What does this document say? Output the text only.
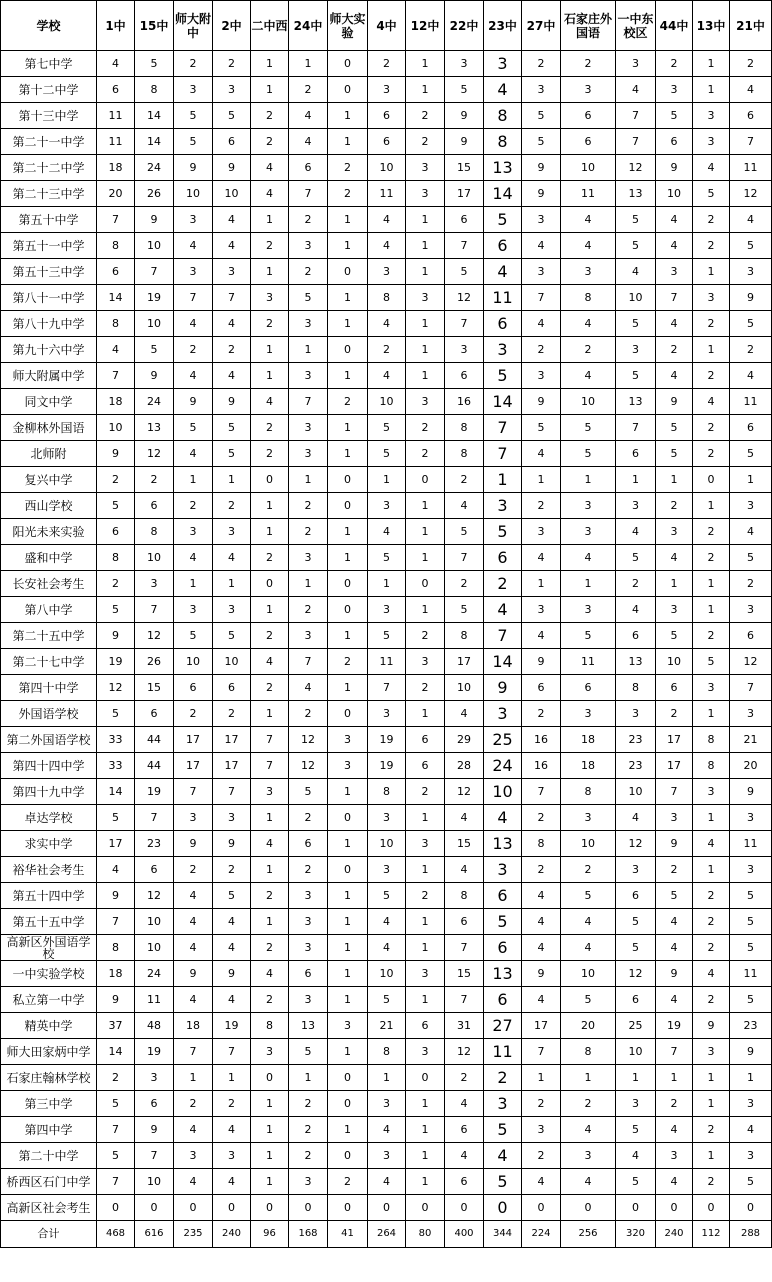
学校	1中	15中	师大附中	2中	二中西	24中	师大实验	4中	12中	22中	23中	27中	石家庄外国语	一中东校区	44中	13中	21中
第七中学	4	5	2	2	1	1	0	2	1	3	3	2	2	3	2	1	2
第十二中学	6	8	3	3	1	2	0	3	1	5	4	3	3	4	3	1	4
第十三中学	11	14	5	5	2	4	1	6	2	9	8	5	6	7	5	3	6
第二十一中学	11	14	5	6	2	4	1	6	2	9	8	5	6	7	6	3	7
第二十二中学	18	24	9	9	4	6	2	10	3	15	13	9	10	12	9	4	11
第二十三中学	20	26	10	10	4	7	2	11	3	17	14	9	11	13	10	5	12
第五十中学	7	9	3	4	1	2	1	4	1	6	5	3	4	5	4	2	4
第五十一中学	8	10	4	4	2	3	1	4	1	7	6	4	4	5	4	2	5
第五十三中学	6	7	3	3	1	2	0	3	1	5	4	3	3	4	3	1	3
第八十一中学	14	19	7	7	3	5	1	8	3	12	11	7	8	10	7	3	9
第八十九中学	8	10	4	4	2	3	1	4	1	7	6	4	4	5	4	2	5
第九十六中学	4	5	2	2	1	1	0	2	1	3	3	2	2	3	2	1	2
师大附属中学	7	9	4	4	1	3	1	4	1	6	5	3	4	5	4	2	4
同文中学	18	24	9	9	4	7	2	10	3	16	14	9	10	13	9	4	11
金柳林外国语	10	13	5	5	2	3	1	5	2	8	7	5	5	7	5	2	6
北师附	9	12	4	5	2	3	1	5	2	8	7	4	5	6	5	2	5
复兴中学	2	2	1	1	0	1	0	1	0	2	1	1	1	1	1	0	1
西山学校	5	6	2	2	1	2	0	3	1	4	3	2	3	3	2	1	3
阳光未来实验	6	8	3	3	1	2	1	4	1	5	5	3	3	4	3	2	4
盛和中学	8	10	4	4	2	3	1	5	1	7	6	4	4	5	4	2	5
长安社会考生	2	3	1	1	0	1	0	1	0	2	2	1	1	2	1	1	2
第八中学	5	7	3	3	1	2	0	3	1	5	4	3	3	4	3	1	3
第二十五中学	9	12	5	5	2	3	1	5	2	8	7	4	5	6	5	2	6
第二十七中学	19	26	10	10	4	7	2	11	3	17	14	9	11	13	10	5	12
第四十中学	12	15	6	6	2	4	1	7	2	10	9	6	6	8	6	3	7
外国语学校	5	6	2	2	1	2	0	3	1	4	3	2	3	3	2	1	3
第二外国语学校	33	44	17	17	7	12	3	19	6	29	25	16	18	23	17	8	21
第四十四中学	33	44	17	17	7	12	3	19	6	28	24	16	18	23	17	8	20
第四十九中学	14	19	7	7	3	5	1	8	2	12	10	7	8	10	7	3	9
卓达学校	5	7	3	3	1	2	0	3	1	4	4	2	3	4	3	1	3
求实中学	17	23	9	9	4	6	1	10	3	15	13	8	10	12	9	4	11
裕华社会考生	4	6	2	2	1	2	0	3	1	4	3	2	2	3	2	1	3
第五十四中学	9	12	4	5	2	3	1	5	2	8	6	4	5	6	5	2	5
第五十五中学	7	10	4	4	1	3	1	4	1	6	5	4	4	5	4	2	5
高新区外国语学校	8	10	4	4	2	3	1	4	1	7	6	4	4	5	4	2	5
一中实验学校	18	24	9	9	4	6	1	10	3	15	13	9	10	12	9	4	11
私立第一中学	9	11	4	4	2	3	1	5	1	7	6	4	5	6	4	2	5
精英中学	37	48	18	19	8	13	3	21	6	31	27	17	20	25	19	9	23
师大田家炳中学	14	19	7	7	3	5	1	8	3	12	11	7	8	10	7	3	9
石家庄翰林学校	2	3	1	1	0	1	0	1	0	2	2	1	1	1	1	1	1
第三中学	5	6	2	2	1	2	0	3	1	4	3	2	2	3	2	1	3
第四中学	7	9	4	4	1	2	1	4	1	6	5	3	4	5	4	2	4
第二十中学	5	7	3	3	1	2	0	3	1	4	4	2	3	4	3	1	3
桥西区石门中学	7	10	4	4	1	3	2	4	1	6	5	4	4	5	4	2	5
高新区社会考生	0	0	0	0	0	0	0	0	0	0	0	0	0	0	0	0	0
合计	468	616	235	240	96	168	41	264	80	400	344	224	256	320	240	112	288
